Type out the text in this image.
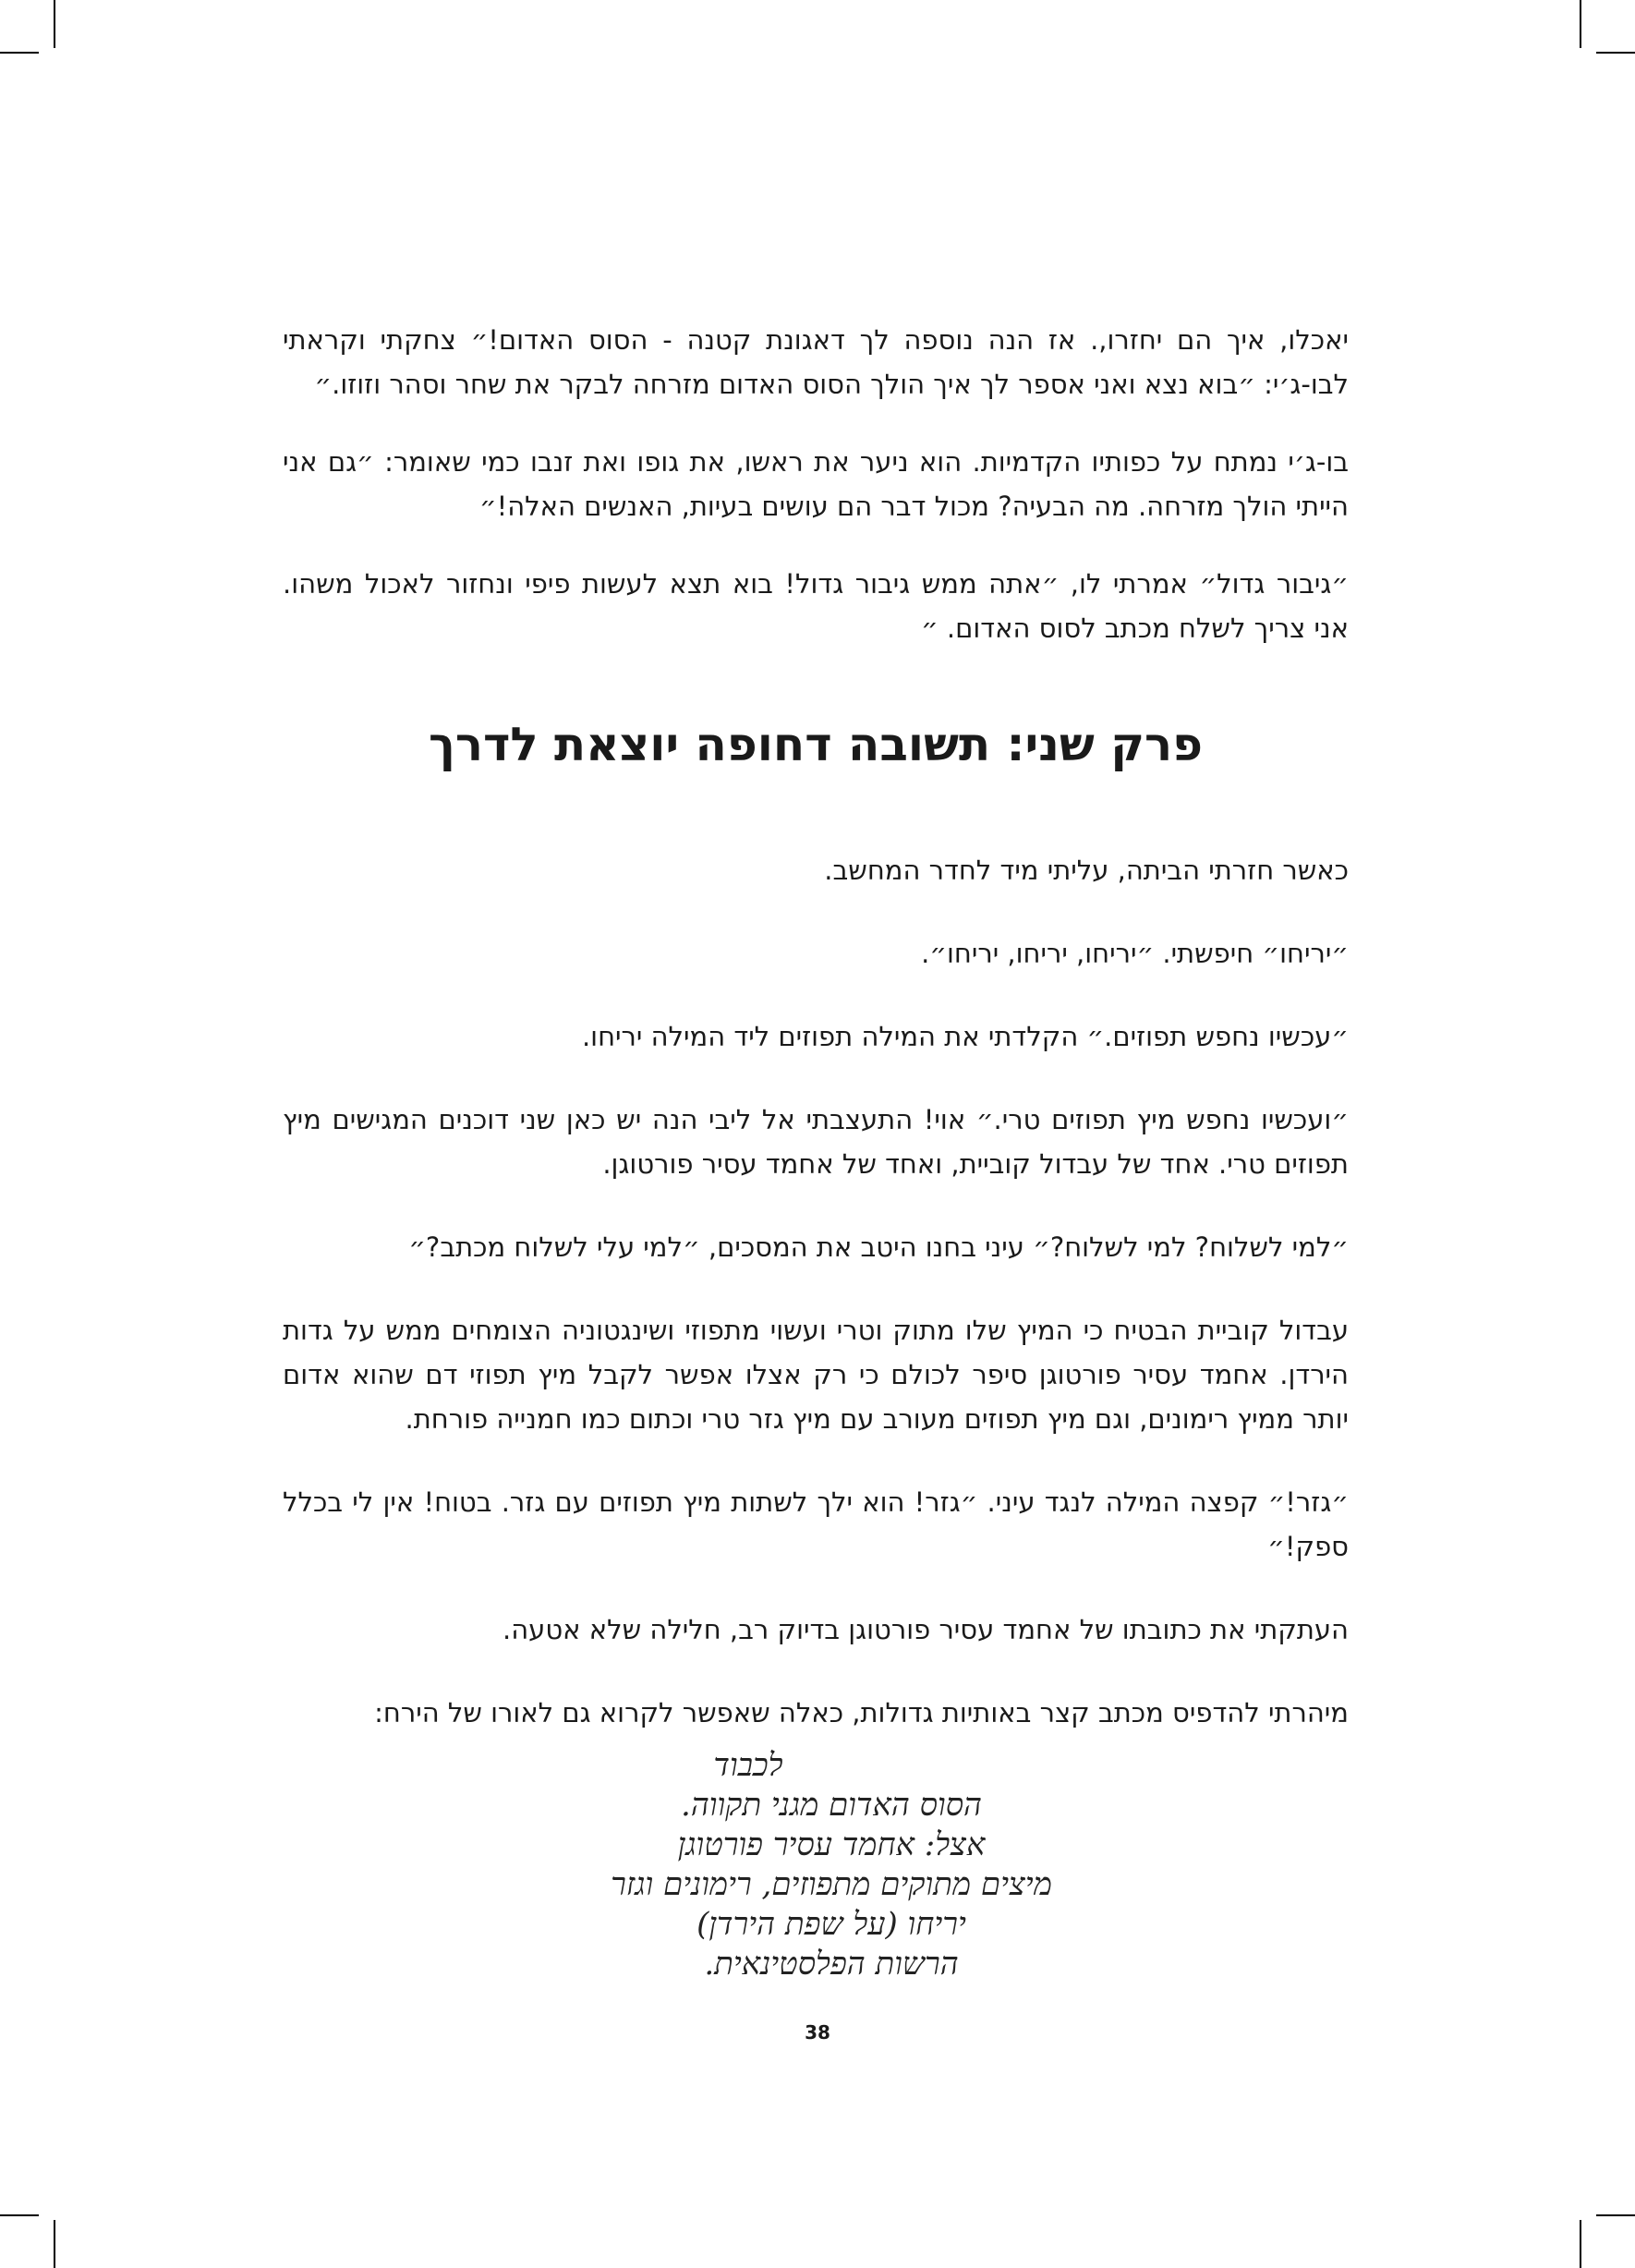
יאכלו, איך הם יחזרו,. אז הנה נוספה לך דאגונת קטנה - הסוס האדום!״ צחקתי וקראתי לבו-ג׳י: ״בוא נצא ואני אספר לך איך הולך הסוס האדום מזרחה לבקר את שחר וסהר וזוזו.״

בו-ג׳י נמתח על כפותיו הקדמיות. הוא ניער את ראשו, את גופו ואת זנבו כמי שאומר: ״גם אני הייתי הולך מזרחה. מה הבעיה? מכול דבר הם עושים בעיות, האנשים האלה!״

״גיבור גדול״ אמרתי לו, ״אתה ממש גיבור גדול! בוא תצא לעשות פיפי ונחזור לאכול משהו. אני צריך לשלח מכתב לסוס האדום. ״

פרק שני: תשובה דחופה יוצאת לדרך

כאשר חזרתי הביתה, עליתי מיד לחדר המחשב.

״יריחו״ חיפשתי. ״יריחו, יריחו, יריחו״.

״עכשיו נחפש תפוזים.״ הקלדתי את המילה תפוזים ליד המילה יריחו.

״ועכשיו נחפש מיץ תפוזים טרי.״ אוי! התעצבתי אל ליבי הנה יש כאן שני דוכנים המגישים מיץ תפוזים טרי. אחד של עבדול קוביית, ואחד של אחמד עסיר פורטוגן.

״למי לשלוח? למי לשלוח?״ עיני בחנו היטב את המסכים, ״למי עלי לשלוח מכתב?״

עבדול קוביית הבטיח כי המיץ שלו מתוק וטרי ועשוי מתפוזי ושינגטוניה הצומחים ממש על גדות הירדן. אחמד עסיר פורטוגן סיפר לכולם כי רק אצלו אפשר לקבל מיץ תפוזי דם שהוא אדום יותר ממיץ רימונים, וגם מיץ תפוזים מעורב עם מיץ גזר טרי וכתום כמו חמנייה פורחת.

״גזר!״ קפצה המילה לנגד עיני. ״גזר! הוא ילך לשתות מיץ תפוזים עם גזר. בטוח! אין לי בכלל ספק!״

העתקתי את כתובתו של אחמד עסיר פורטוגן בדיוק רב, חלילה שלא אטעה.

מיהרתי להדפיס מכתב קצר באותיות גדולות, כאלה שאפשר לקרוא גם לאורו של הירח:

לכבוד
הסוס האדום מגני תקווה.
אצל: אחמד עסיר פורטוגן
מיצים מתוקים מתפוזים, רימונים וגזר
יריחו (על שפת הירדן)
הרשות הפלסטינאית.
38
